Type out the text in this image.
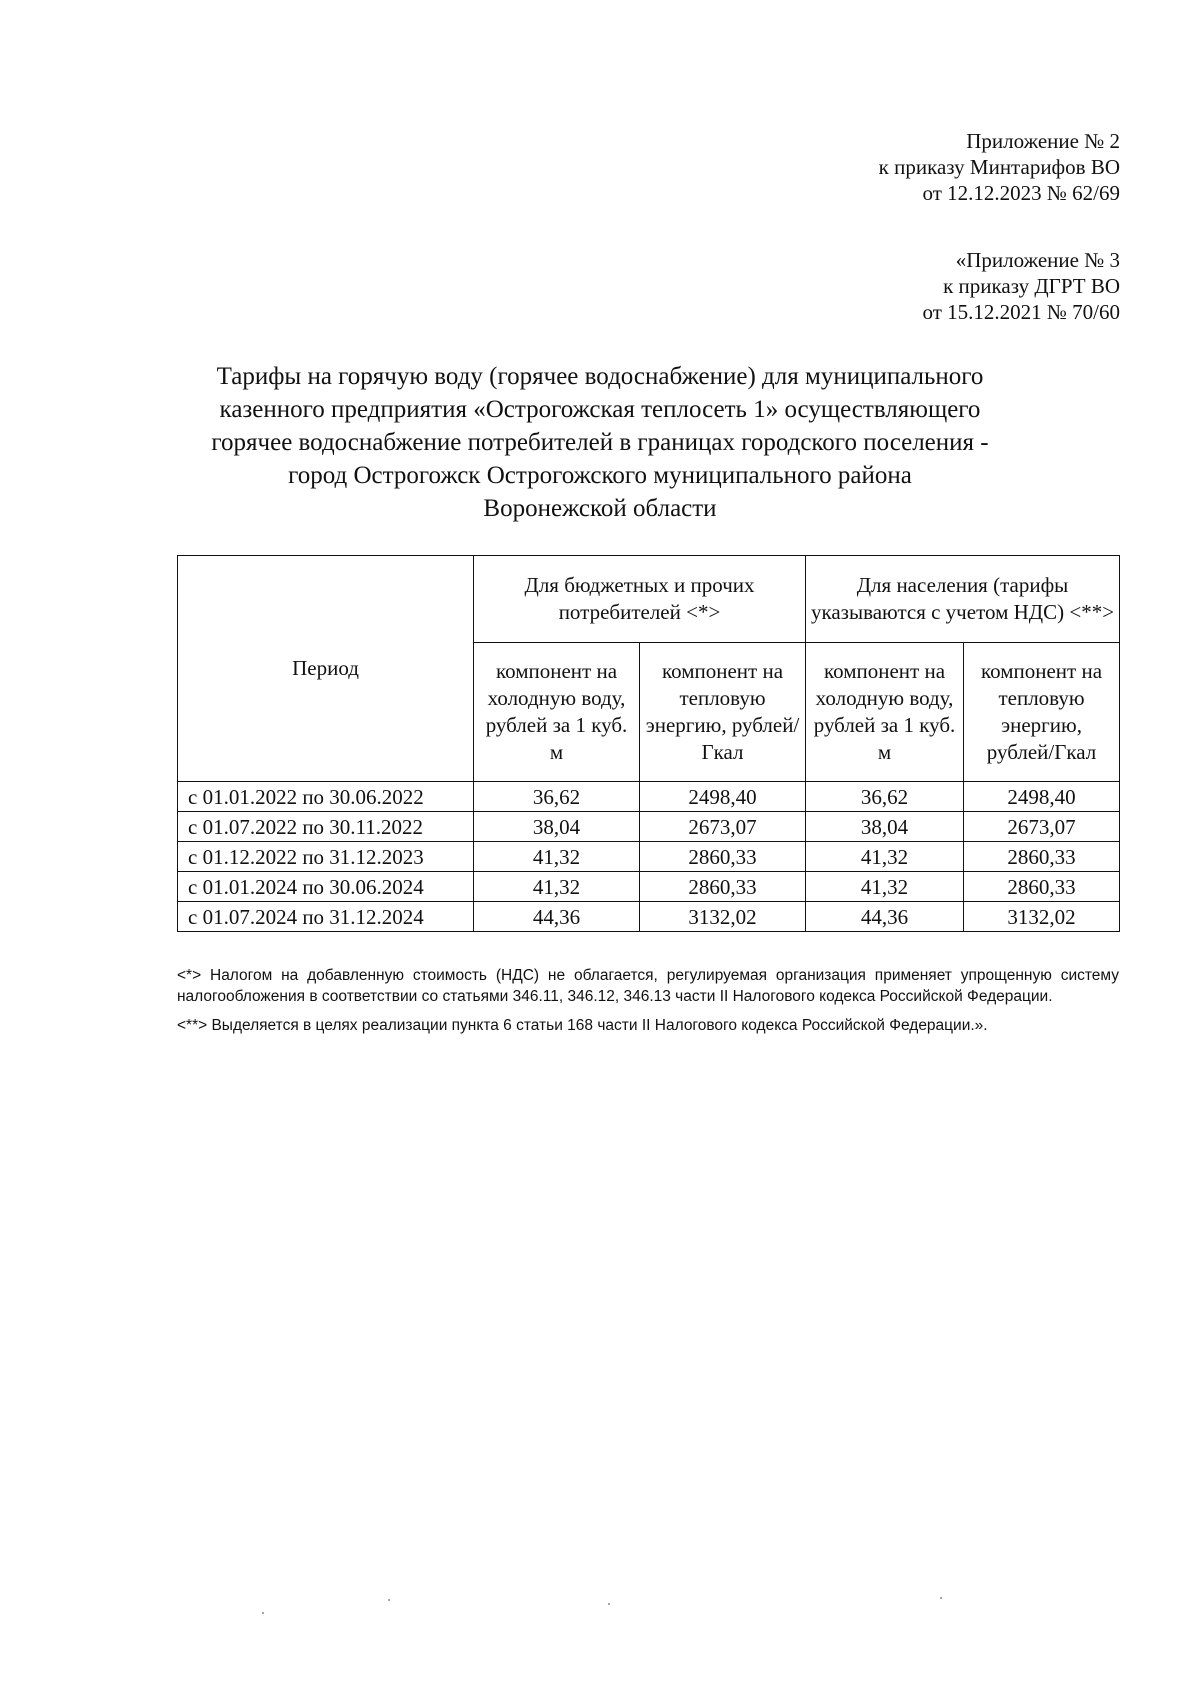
Приложение № 2
к приказу Минтарифов ВО
от 12.12.2023 № 62/69
«Приложение № 3
к приказу ДГРТ ВО
от 15.12.2021 № 70/60
Тарифы на горячую воду (горячее водоснабжение) для муниципального
казенного предприятия «Острогожская теплосеть 1» осуществляющего
горячее водоснабжение потребителей в границах городского поселения -
город Острогожск Острогожского муниципального района
Воронежской области
Период	Для бюджетных и прочих потребителей <*>		Для населения (тарифы указываются с учетом НДС) <**>	
	компонент на холодную воду, рублей за 1 куб. м	компонент на тепловую энергию, рублей/Гкал	компонент на холодную воду, рублей за 1 куб. м	компонент на тепловую энергию, рублей/Гкал
с 01.01.2022 по 30.06.2022	36,62	2498,40	36,62	2498,40
с 01.07.2022 по 30.11.2022	38,04	2673,07	38,04	2673,07
с 01.12.2022 по 31.12.2023	41,32	2860,33	41,32	2860,33
с 01.01.2024 по 30.06.2024	41,32	2860,33	41,32	2860,33
с 01.07.2024 по 31.12.2024	44,36	3132,02	44,36	3132,02

<*> Налогом на добавленную стоимость (НДС) не облагается, регулируемая организация применяет упрощенную систему налогообложения в соответствии со статьями 346.11, 346.12, 346.13 части II Налогового кодекса Российской Федерации.

<**> Выделяется в целях реализации пункта 6 статьи 168 части II Налогового кодекса Российской Федерации.».
